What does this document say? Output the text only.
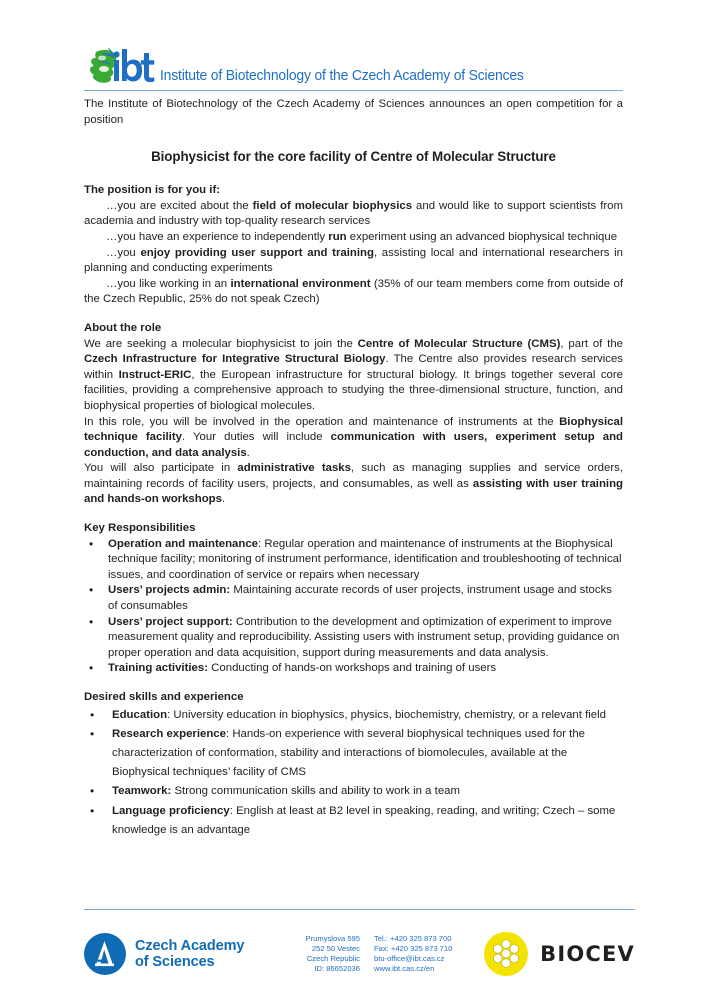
Institute of Biotechnology of the Czech Academy of Sciences

The Institute of Biotechnology of the Czech Academy of Sciences announces an open competition for a position

Biophysicist for the core facility of Centre of Molecular Structure
The position is for you if:

…you are excited about the field of molecular biophysics and would like to support scientists from academia and industry with top-quality research services

…you have an experience to independently run experiment using an advanced biophysical technique

…you enjoy providing user support and training, assisting local and international researchers in planning and conducting experiments

…you like working in an international environment (35% of our team members come from outside of the Czech Republic, 25% do not speak Czech)

About the role

We are seeking a molecular biophysicist to join the Centre of Molecular Structure (CMS), part of the Czech Infrastructure for Integrative Structural Biology. The Centre also provides research services within Instruct-ERIC, the European infrastructure for structural biology. It brings together several core facilities, providing a comprehensive approach to studying the three-dimensional structure, function, and biophysical properties of biological molecules.

In this role, you will be involved in the operation and maintenance of instruments at the Biophysical technique facility. Your duties will include communication with users, experiment setup and conduction, and data analysis.

You will also participate in administrative tasks, such as managing supplies and service orders, maintaining records of facility users, projects, and consumables, as well as assisting with user training and hands-on workshops.

Key Responsibilities
• Operation and maintenance: Regular operation and maintenance of instruments at the Biophysical technique facility; monitoring of instrument performance, identification and troubleshooting of technical issues, and coordination of service or repairs when necessary
• Users’ projects admin: Maintaining accurate records of user projects, instrument usage and stocks of consumables
• Users’ project support: Contribution to the development and optimization of experiment to improve measurement quality and reproducibility. Assisting users with instrument setup, providing guidance on proper operation and data acquisition, support during measurements and data analysis.
• Training activities: Conducting of hands-on workshops and training of users
Desired skills and experience
• Education: University education in biophysics, physics, biochemistry, chemistry, or a relevant field
• Research experience: Hands-on experience with several biophysical techniques used for the characterization of conformation, stability and interactions of biomolecules, available at the Biophysical techniques’ facility of CMS
• Teamwork: Strong communication skills and ability to work in a team
• Language proficiency: English at least at B2 level in speaking, reading, and writing; Czech – some knowledge is an advantage
Czech Academy
of Sciences
Prumyslova 595
252 50 Vestec
Czech Republic
ID: 86652036
Tel.: +420 325 873 700
Fax: +420 325 873 710
btu-office@ibt.cas.cz
www.ibt.cas.cz/en
BIOCEV
